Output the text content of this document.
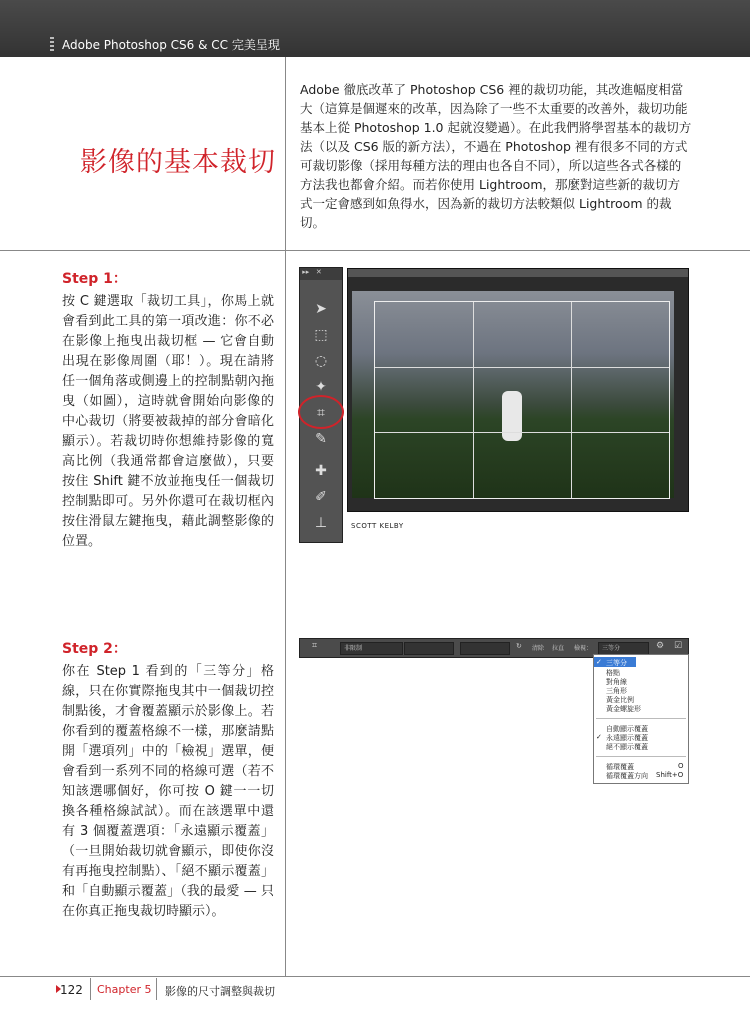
Adobe Photoshop CS6 & CC 完美呈現
影像的基本裁切
Adobe 徹底改革了 Photoshop CS6 裡的裁切功能，其改進幅度相當大（這算是個遲來的改革，因為除了一些不太重要的改善外，裁切功能基本上從 Photoshop 1.0 起就沒變過）。在此我們將學習基本的裁切方法（以及 CS6 版的新方法），不過在 Photoshop 裡有很多不同的方式可裁切影像（採用每種方法的理由也各自不同），所以這些各式各樣的方法我也都會介紹。而若你使用 Lightroom，那麼對這些新的裁切方式一定會感到如魚得水，因為新的裁切方法較類似 Lightroom 的裁切。
Step 1：
按 C 鍵選取「裁切工具」，你馬上就會看到此工具的第一項改進：你不必在影像上拖曳出裁切框 — 它會自動出現在影像周圍（耶！）。現在請將任一個角落或側邊上的控制點朝內拖曳（如圖），這時就會開始向影像的中心裁切（將要被裁掉的部分會暗化顯示）。若裁切時你想維持影像的寬高比例（我通常都會這麼做），只要按住 Shift 鍵不放並拖曳任一個裁切控制點即可。另外你還可在裁切框內按住滑鼠左鍵拖曳，藉此調整影像的位置。
▸▸   ✕
➤
⬚
◌
✦
⌗
✎
✚
✐
⊥	SCOTT KELBY
Step 2：
你在 Step 1 看到的「三等分」格線，只在你實際拖曳其中一個裁切控制點後，才會覆蓋顯示於影像上。若你看到的覆蓋格線不一樣，那麼請點開「選項列」中的「檢視」選單，便會看到一系列不同的格線可選（若不知該選哪個好，你可按 O 鍵一一切換各種格線試試）。而在該選單中還有 3 個覆蓋選項：「永遠顯示覆蓋」（一旦開始裁切就會顯示，即使你沒有再拖曳控制點）、「絕不顯示覆蓋」和「自動顯示覆蓋」（我的最愛 — 只在你真正拖曳裁切時顯示）。
⌗	非限制	↻ 清除 拉直 檢視：	三等分	⚙ ☑
✓ 三等分
格點
對角線
三角形
黃金比例
黃金螺旋形
自動顯示覆蓋
✓ 永遠顯示覆蓋
絕不顯示覆蓋
循環覆蓋	O
循環覆蓋方向 Shift+O
122 Chapter 5 影像的尺寸調整與裁切
